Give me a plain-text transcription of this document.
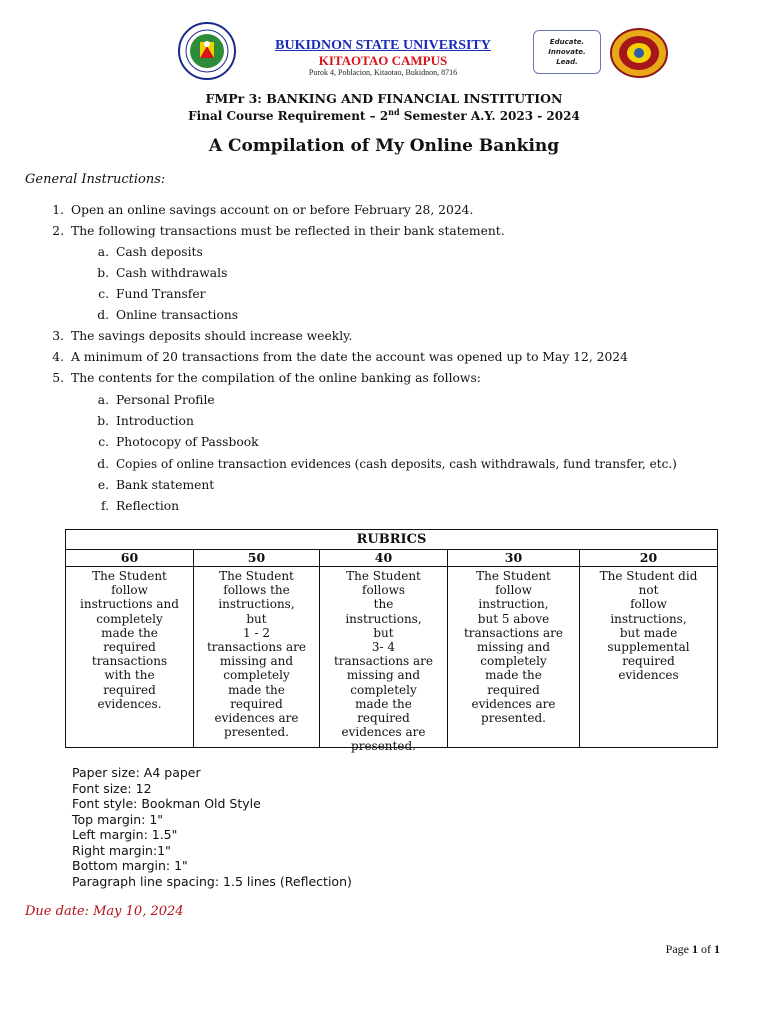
Educate.
Innovate.
Lead.
BUKIDNON STATE UNIVERSITY
KITAOTAO CAMPUS
Purok 4, Poblacion, Kitaotao, Bukidnon, 8716
FMPr 3: BANKING AND FINANCIAL INSTITUTION
Final Course Requirement – 2nd Semester A.Y. 2023 - 2024
A Compilation of My Online Banking
General Instructions:
1. Open an online savings account on or before February 28, 2024.
2. The following transactions must be reflected in their bank statement.
a. Cash deposits
b. Cash withdrawals
c. Fund Transfer
d. Online transactions
3. The savings deposits should increase weekly.
4. A minimum of 20 transactions from the date the account was opened up to May 12, 2024
5. The contents for the compilation of the online banking as follows:
a. Personal Profile
b. Introduction
c. Photocopy of Passbook
d. Copies of online transaction evidences (cash deposits, cash withdrawals, fund transfer, etc.)
e. Bank statement
f. Reflection
RUBRICS
60
The Student
follow
instructions and
completely
made the
required
transactions
with the
required
evidences.
50
The Student
follows the
instructions,
but
1 - 2
transactions are
missing and
completely
made the
required
evidences are
presented.
40
The Student
follows
the
instructions,
but
3- 4
transactions are
missing and
completely
made the
required
evidences are
presented.
30
The Student
follow
instruction,
but 5 above
transactions are
missing and
completely
made the
required
evidences are
presented.
20
The Student did
not
follow
instructions,
but made
supplemental
required
evidences
Paper size: A4 paper
Font size: 12
Font style: Bookman Old Style
Top margin: 1"
Left margin: 1.5"
Right margin:1"
Bottom margin: 1"
Paragraph line spacing: 1.5 lines (Reflection)
Due date: May 10, 2024
Page 1 of 1
